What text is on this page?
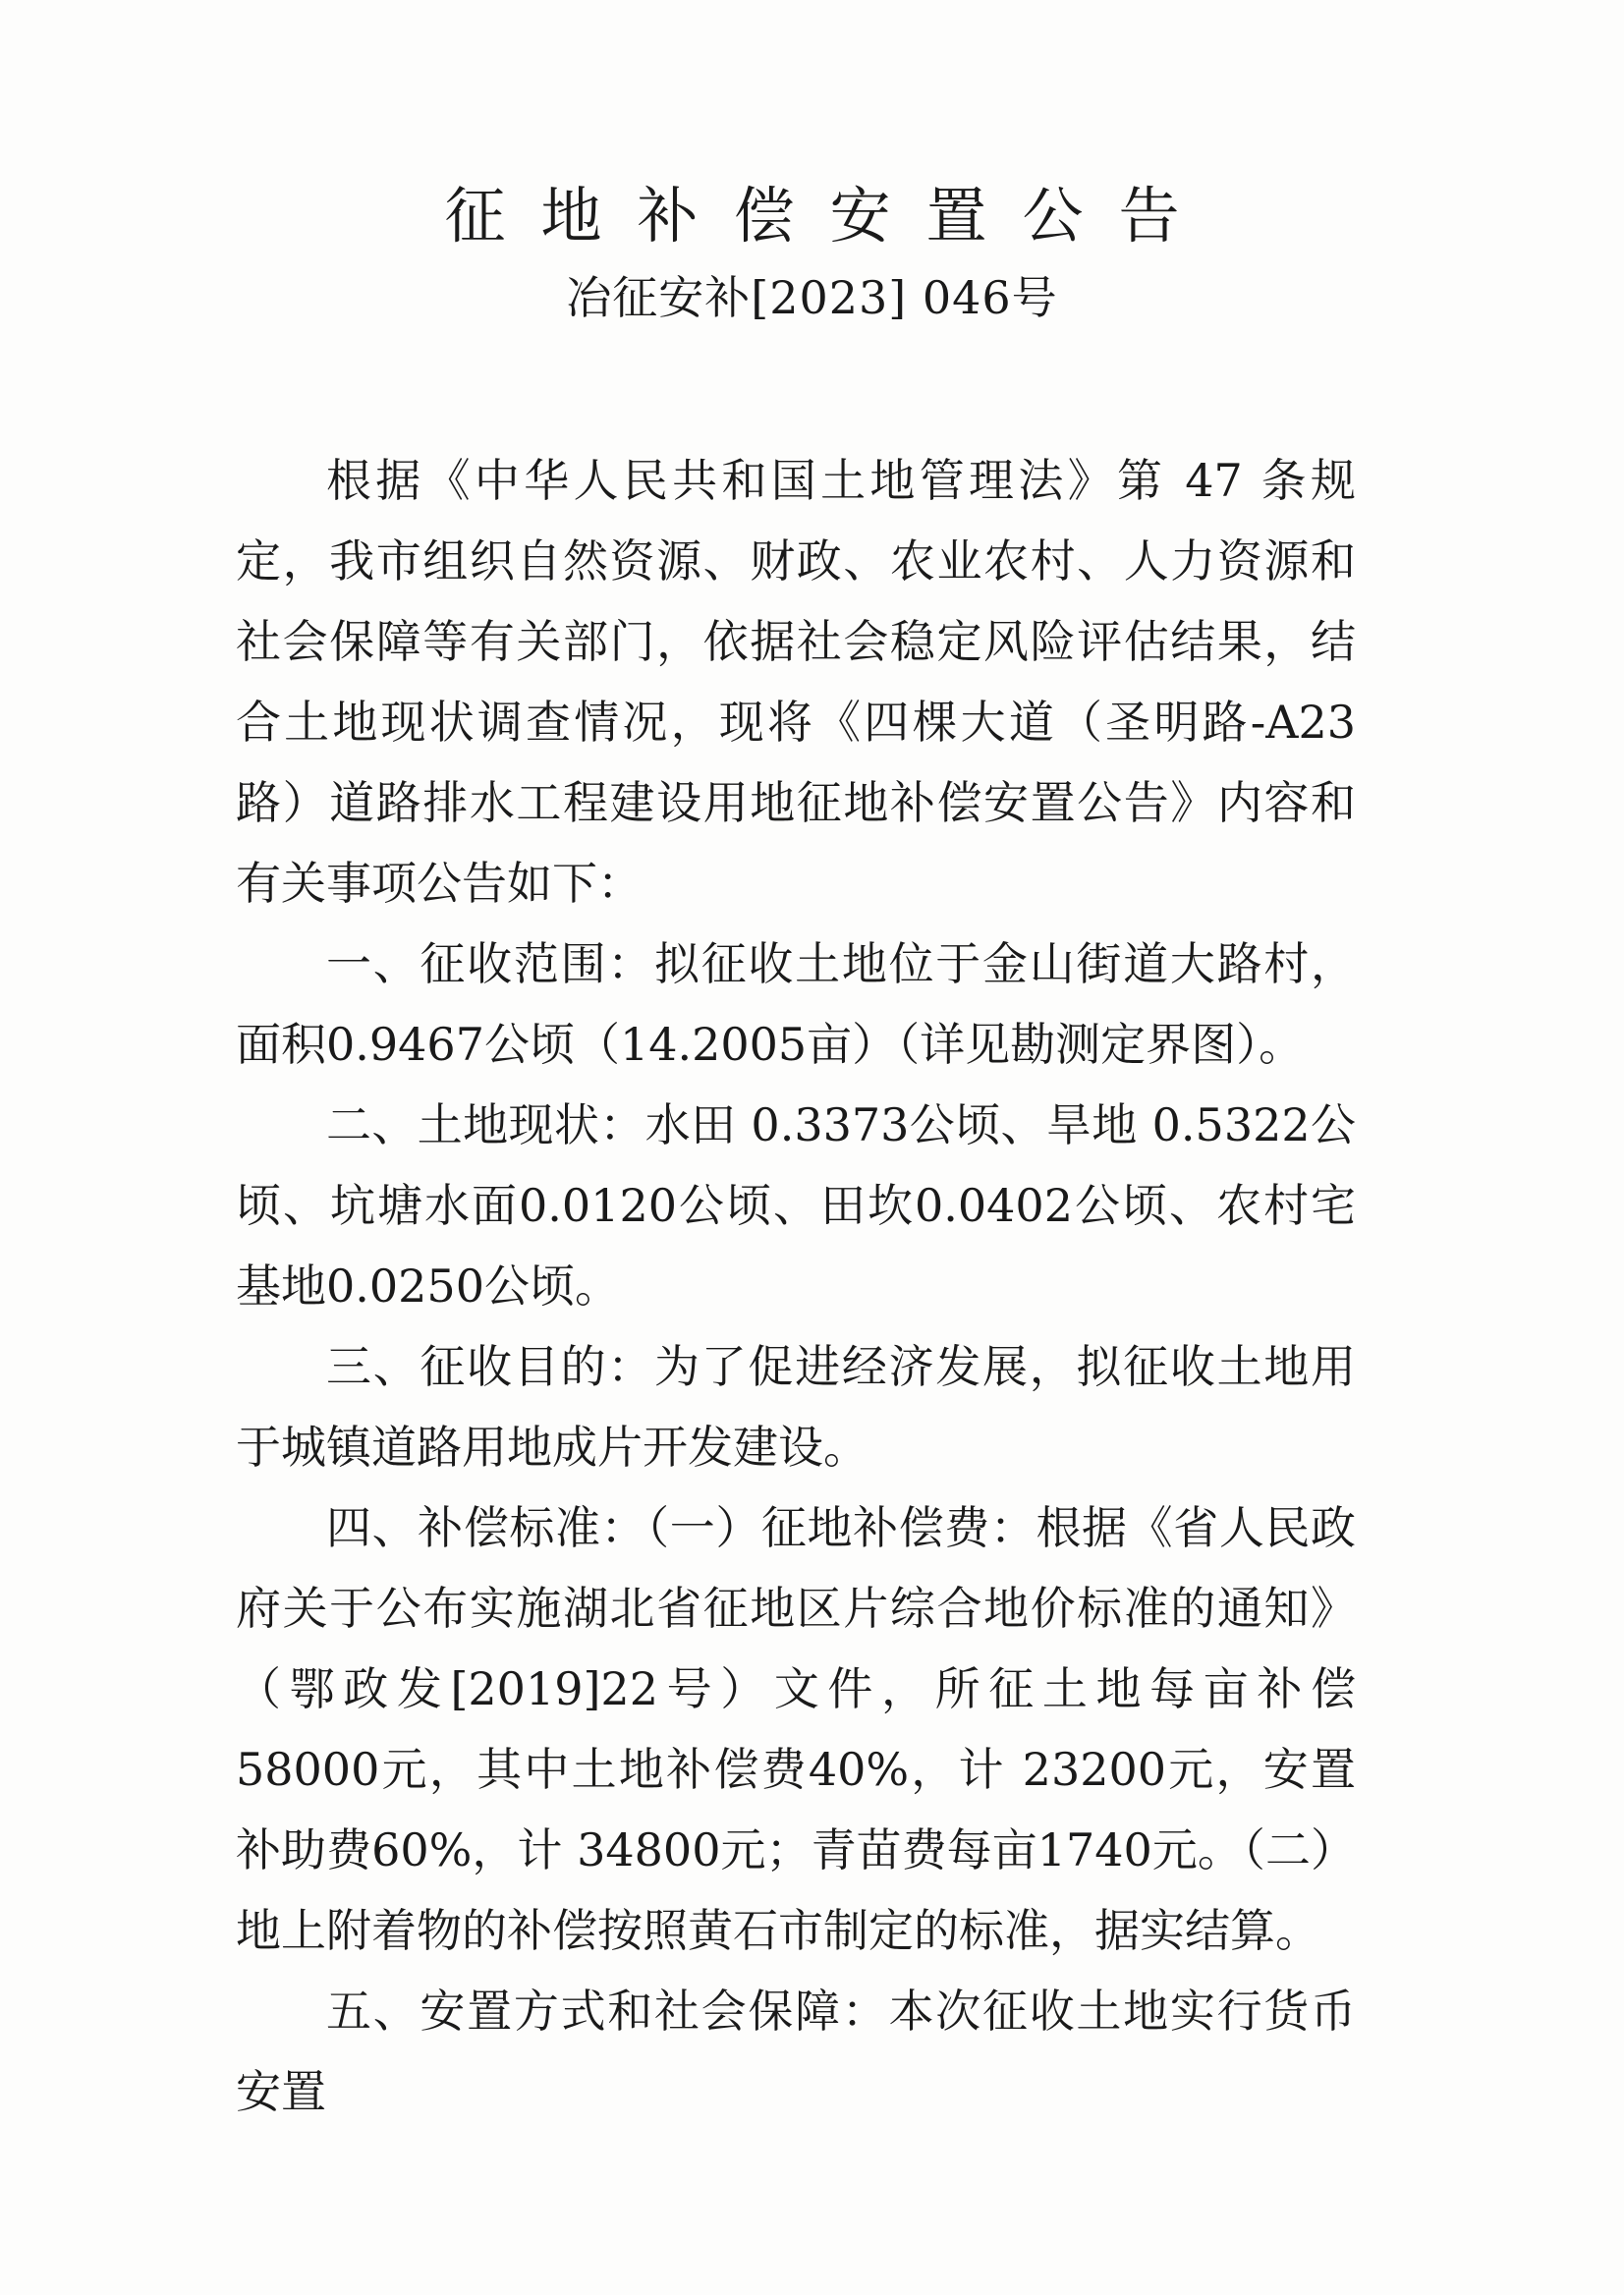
征地补偿安置公告
冶征安补[2023] 046号

根据《中华人民共和国土地管理法》第 47 条规定，我市组织自然资源、财政、农业农村、人力资源和社会保障等有关部门，依据社会稳定风险评估结果，结合土地现状调查情况，现将《四棵大道（圣明路-A23路）道路排水工程建设用地征地补偿安置公告》内容和有关事项公告如下：

一、征收范围：拟征收土地位于金山街道大路村，面积0.9467公顷（14.2005亩）（详见勘测定界图）。

二、土地现状：水田 0.3373公顷、旱地 0.5322公顷、坑塘水面0.0120公顷、田坎0.0402公顷、农村宅基地0.0250公顷。

三、征收目的：为了促进经济发展，拟征收土地用于城镇道路用地成片开发建设。

四、补偿标准：（一）征地补偿费：根据《省人民政府关于公布实施湖北省征地区片综合地价标准的通知》（鄂政发[2019]22号）文件，所征土地每亩补偿 58000元，其中土地补偿费40%，计 23200元，安置补助费60%，计 34800元；青苗费每亩1740元。（二）地上附着物的补偿按照黄石市制定的标准，据实结算。

五、安置方式和社会保障：本次征收土地实行货币安置
